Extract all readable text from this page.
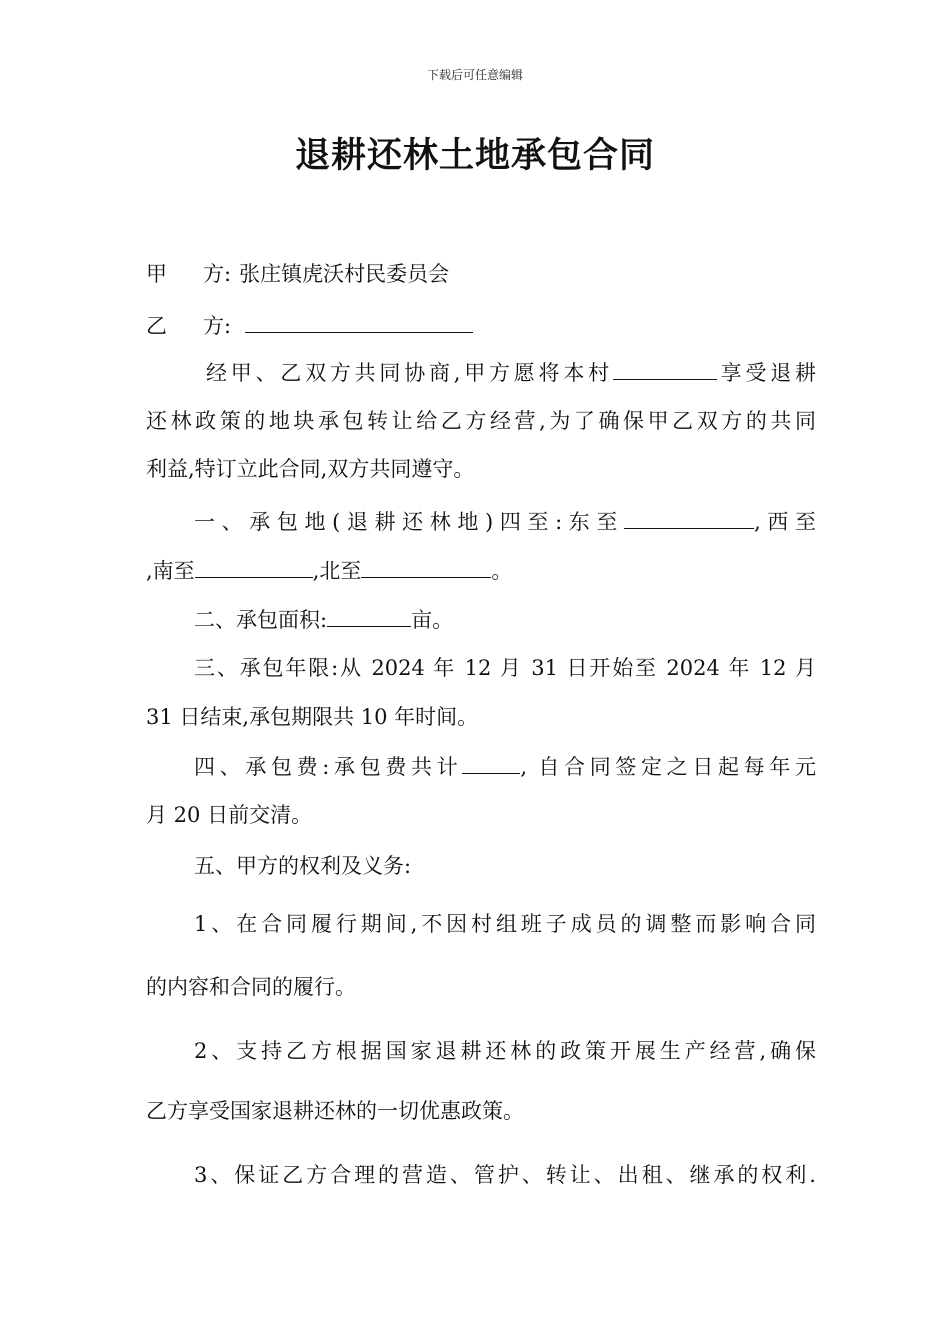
下载后可任意编辑
退耕还林土地承包合同
甲 方: 张庄镇虎沃村民委员会
乙 方:
经甲、乙双方共同协商,甲方愿将本村	享受退耕
还林政策的地块承包转让给乙方经营,为了确保甲乙双方的共同
利益,特订立此合同,双方共同遵守。
一、承包地(退耕还林地)四至:东至	,西至
,南至	,北至	。
二、承包面积:	亩。
三、承包年限:从 2024 年 12 月 31 日开始至 2024 年 12 月
31 日结束,承包期限共 10 年时间。
四、承包费:承包费共计	, 自合同签定之日起每年元
月 20 日前交清。
五、甲方的权利及义务:
1、在合同履行期间,不因村组班子成员的调整而影响合同
的内容和合同的履行。
2、支持乙方根据国家退耕还林的政策开展生产经营,确保
乙方享受国家退耕还林的一切优惠政策。
3、保证乙方合理的营造、管护、转让、出租、继承的权利.
